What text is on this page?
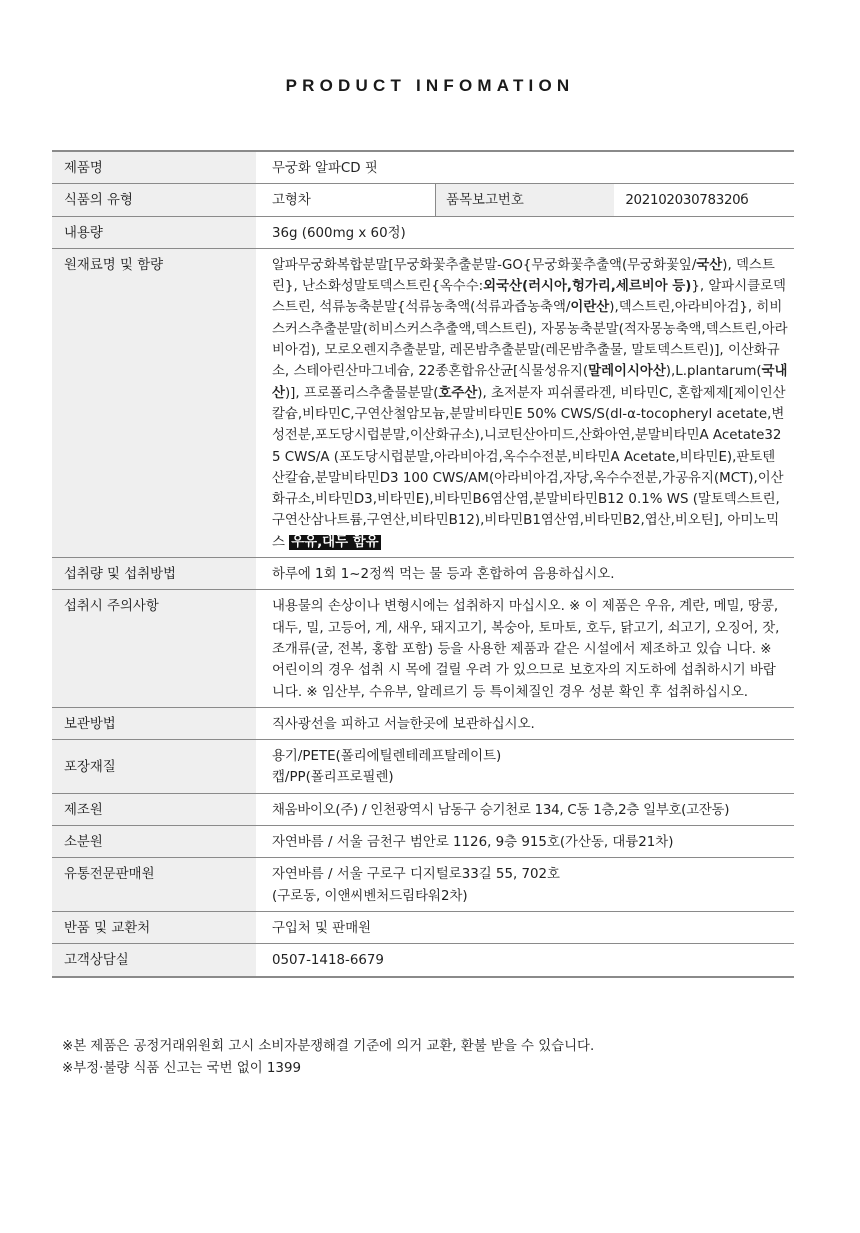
PRODUCT INFOMATION
제품명	무궁화 알파CD 핏		
식품의 유형	고형차	품목보고번호	20210203078320б
내용량	36g (600mg x 60정)		
원재료명 및 함량	알파무궁화복합분말[무궁화꽃추출분말-GO{무궁화꽃추출액(무궁화꽃잎/국산), 덱스트린}, 난소화성말토덱스트린{옥수수:외국산(러시아,헝가리,세르비아 등)}, 알파시클로덱스트린, 석류농축분말{석류농축액(석류과즙농축액/이란산),덱스트린,아라비아검}, 히비스커스추출분말(히비스커스추출액,덱스트린), 자몽농축분말(적자몽농축액,덱스트린,아라비아검), 모로오렌지추출분말, 레몬밤추출분말(레몬밤추출물, 말토덱스트린)], 이산화규소, 스테아린산마그네슘, 22종혼합유산균[식물성유지(말레이시아산),L.plantarum(국내산)], 프로폴리스추출물분말(호주산), 초저분자 피쉬콜라겐, 비타민C, 혼합제제[제이인산칼슘,비타민C,구연산철암모늄,분말비타민E 50% CWS/S(dl-α-tocopheryl acetate,변성전분,포도당시럽분말,이산화규소),니코틴산아미드,산화아연,분말비타민A Acetate325 CWS/A (포도당시럽분말,아라비아검,옥수수전분,비타민A Acetate,비타민E),판토텐산칼슘,분말비타민D3 100 CWS/AM(아라비아검,자당,옥수수전분,가공유지(MCT),이산화규소,비타민D3,비타민E),비타민B6염산염,분말비타민B12 0.1% WS (말토덱스트린,구연산삼나트륨,구연산,비타민B12),비타민B1염산염,비타민B2,엽산,비오틴], 아미노믹스 우유,대두 함유		
섭취량 및 섭취방법	하루에 1회 1~2정씩 먹는 물 등과 혼합하여 음용하십시오.		
섭취시 주의사항	내용물의 손상이나 변형시에는 섭취하지 마십시오. ※ 이 제품은 우유, 계란, 메밀, 땅콩, 대두, 밀, 고등어, 게, 새우, 돼지고기, 복숭아, 토마토, 호두, 닭고기, 쇠고기, 오징어, 잣, 조개류(굴, 전복, 홍합 포함) 등을 사용한 제품과 같은 시설에서 제조하고 있습 니다. ※ 어린이의 경우 섭취 시 목에 걸릴 우려 가 있으므로 보호자의 지도하에 섭취하시기 바랍니다. ※ 임산부, 수유부, 알레르기 등 특이체질인 경우 성분 확인 후 섭취하십시오.		
보관방법	직사광선을 피하고 서늘한곳에 보관하십시오.		
포장재질	용기/PETE(폴리에틸렌테레프탈레이트)
캡/PP(폴리프로필렌)		

제조원	채움바이오(주) / 인천광역시 남동구 승기천로 134, C동 1층,2층 일부호(고잔동)		
소분원	자연바름 / 서울 금천구 범안로 1126, 9층 915호(가산동, 대륭21차)		
유통전문판매원	자연바름 / 서울 구로구 디지털로33길 55, 702호
(구로동, 이앤씨벤처드림타워2차)		

반품 및 교환처	구입처 및 판매원		
고객상담실	0507-1418-6679		
※본 제품은 공정거래위원회 고시 소비자분쟁해결 기준에 의거 교환, 환불 받을 수 있습니다.
※부정·불량 식품 신고는 국번 없이 1399
